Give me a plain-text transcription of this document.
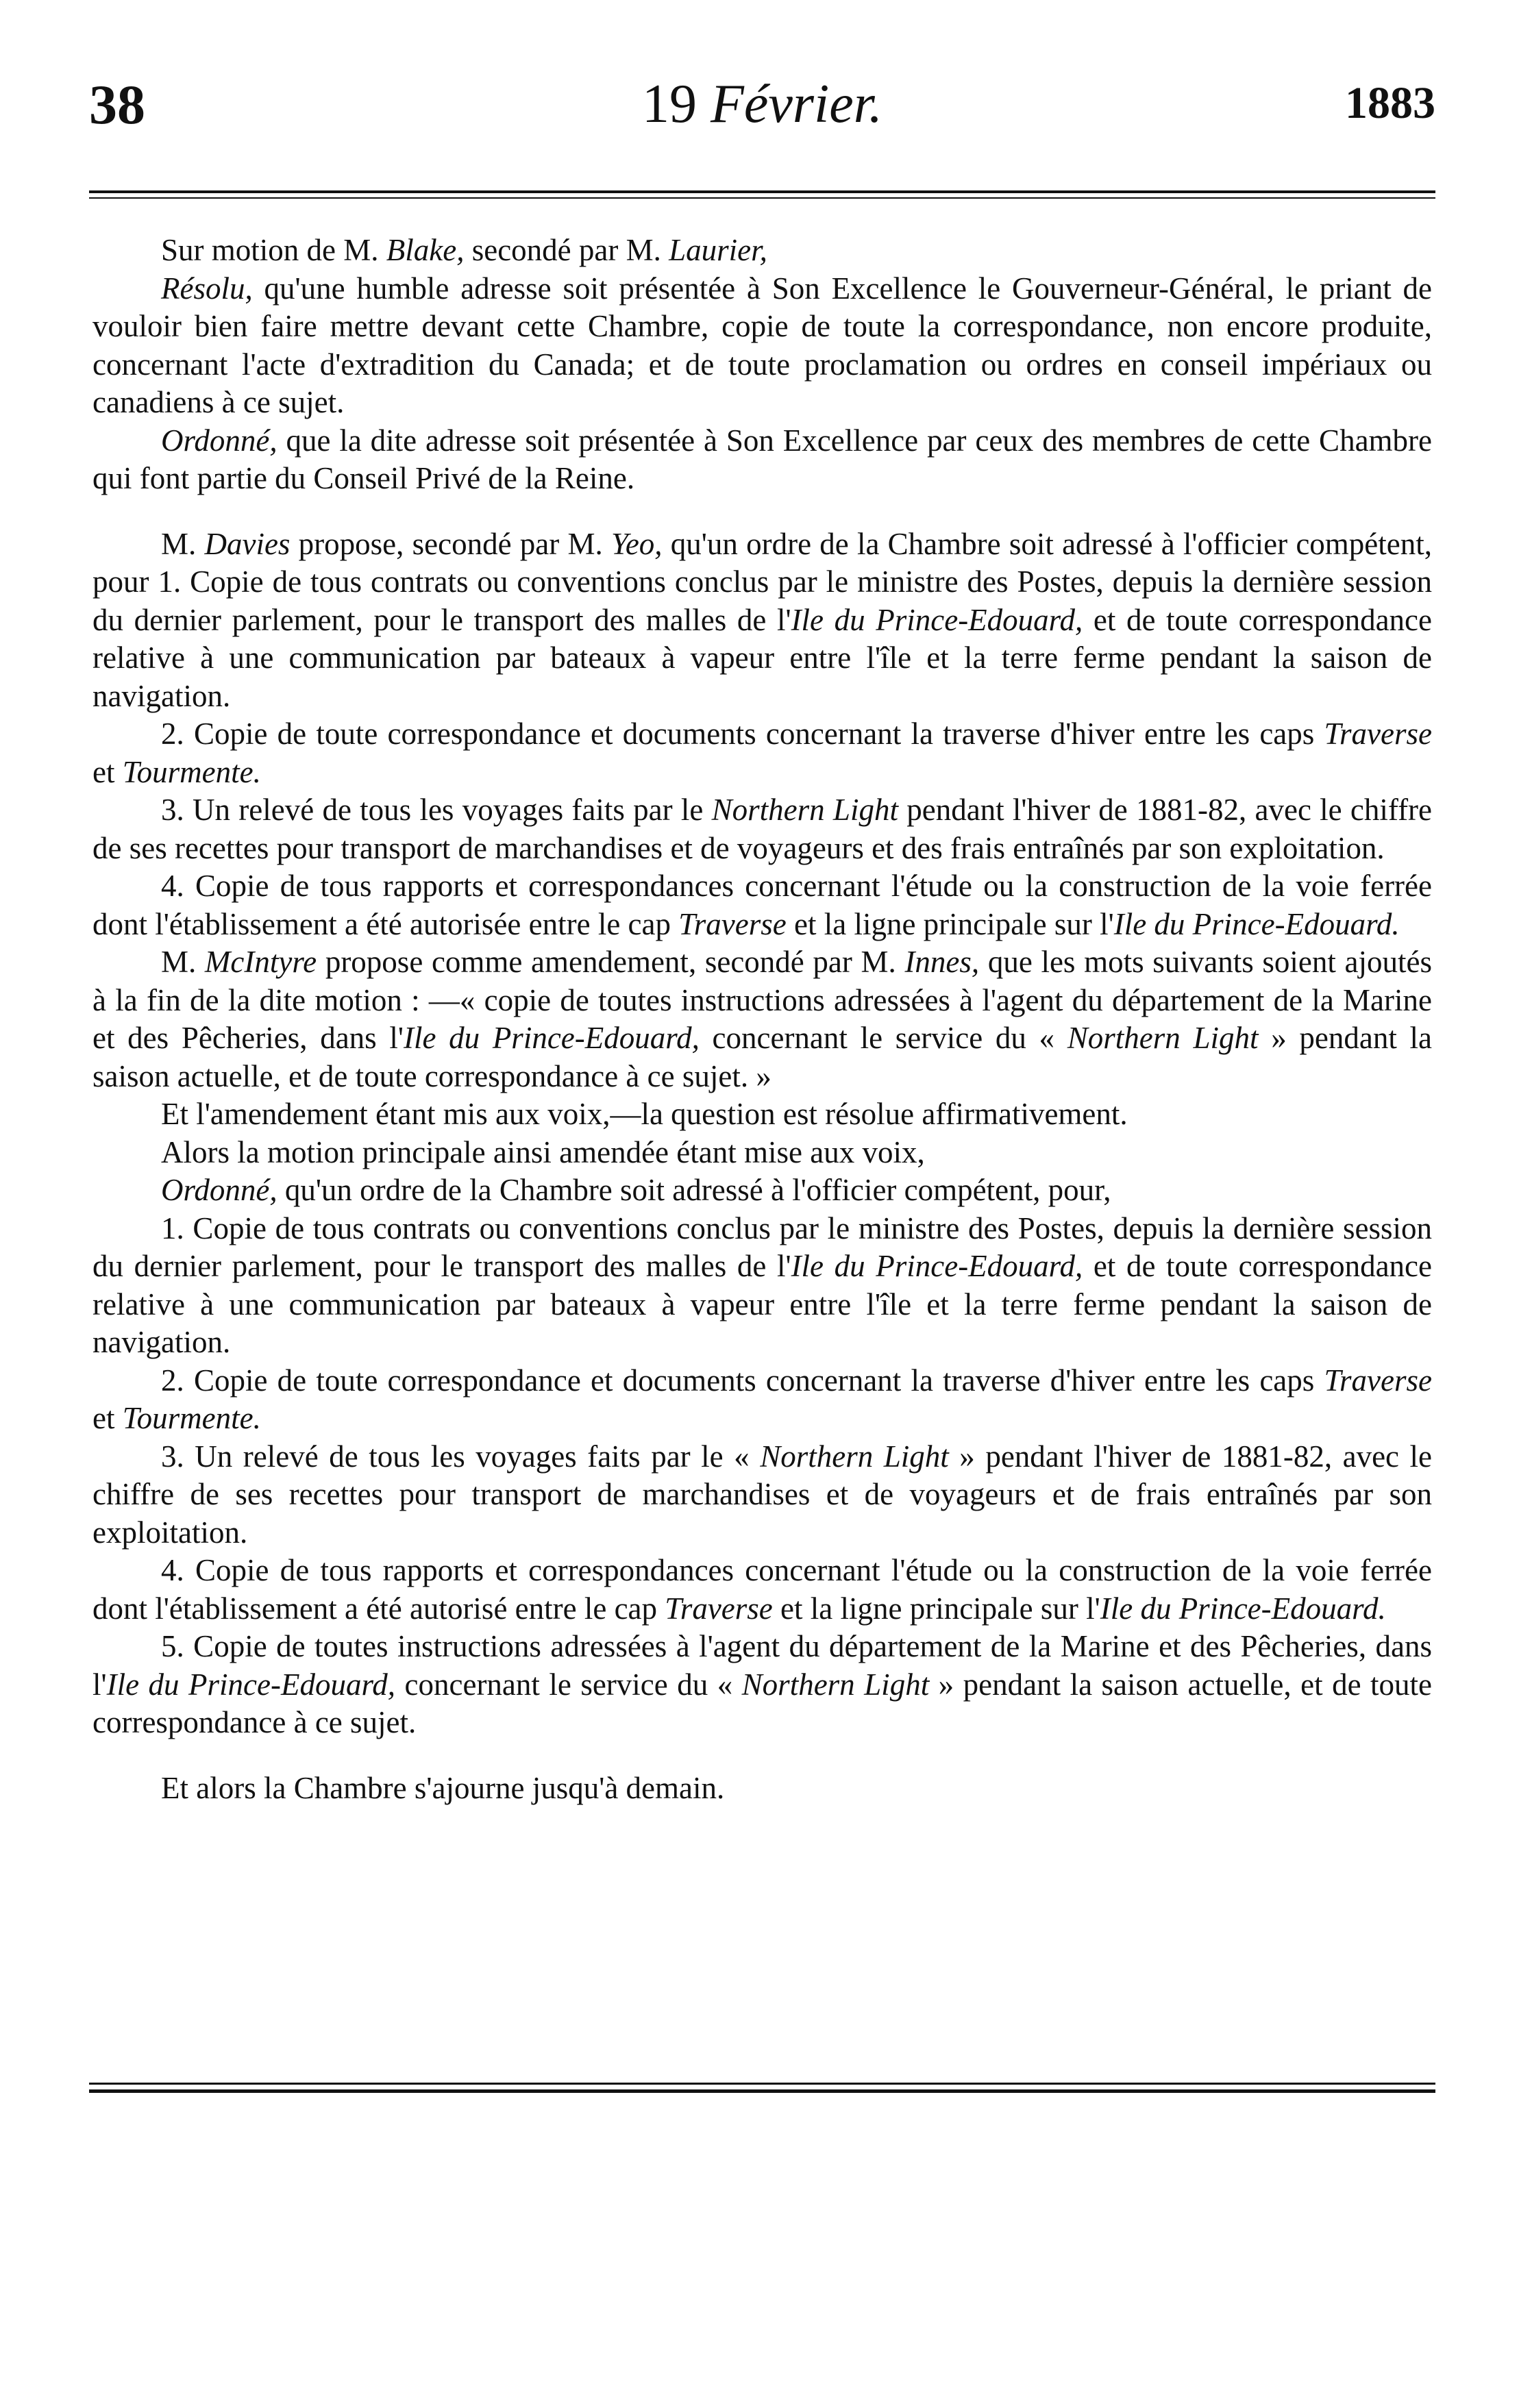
38	19 Février.	1883

Sur motion de M. Blake, secondé par M. Laurier,

Résolu, qu'une humble adresse soit présentée à Son Excellence le Gouverneur-Général, le priant de vouloir bien faire mettre devant cette Chambre, copie de toute la correspondance, non encore produite, concernant l'acte d'extradition du Canada; et de toute proclamation ou ordres en conseil impériaux ou canadiens à ce sujet.

Ordonné, que la dite adresse soit présentée à Son Excellence par ceux des membres de cette Chambre qui font partie du Conseil Privé de la Reine.

M. Davies propose, secondé par M. Yeo, qu'un ordre de la Chambre soit adressé à l'officier compétent, pour 1. Copie de tous contrats ou conventions conclus par le ministre des Postes, depuis la dernière session du dernier parlement, pour le transport des malles de l'Ile du Prince-Edouard, et de toute correspondance relative à une communication par bateaux à vapeur entre l'île et la terre ferme pendant la saison de navigation.

2. Copie de toute correspondance et documents concernant la traverse d'hiver entre les caps Traverse et Tourmente.

3. Un relevé de tous les voyages faits par le Northern Light pendant l'hiver de 1881-82, avec le chiffre de ses recettes pour transport de marchandises et de voyageurs et des frais entraînés par son exploitation.

4. Copie de tous rapports et correspondances concernant l'étude ou la construction de la voie ferrée dont l'établissement a été autorisée entre le cap Traverse et la ligne principale sur l'Ile du Prince-Edouard.

M. McIntyre propose comme amendement, secondé par M. Innes, que les mots suivants soient ajoutés à la fin de la dite motion : —« copie de toutes instructions adressées à l'agent du département de la Marine et des Pêcheries, dans l'Ile du Prince-Edouard, concernant le service du « Northern Light » pendant la saison actuelle, et de toute correspondance à ce sujet. »

Et l'amendement étant mis aux voix,—la question est résolue affirmativement.

Alors la motion principale ainsi amendée étant mise aux voix,

Ordonné, qu'un ordre de la Chambre soit adressé à l'officier compétent, pour,

1. Copie de tous contrats ou conventions conclus par le ministre des Postes, depuis la dernière session du dernier parlement, pour le transport des malles de l'Ile du Prince-Edouard, et de toute correspondance relative à une communication par bateaux à vapeur entre l'île et la terre ferme pendant la saison de navigation.

2. Copie de toute correspondance et documents concernant la traverse d'hiver entre les caps Traverse et Tourmente.

3. Un relevé de tous les voyages faits par le « Northern Light » pendant l'hiver de 1881-82, avec le chiffre de ses recettes pour transport de marchandises et de voyageurs et de frais entraînés par son exploitation.

4. Copie de tous rapports et correspondances concernant l'étude ou la construction de la voie ferrée dont l'établissement a été autorisé entre le cap Traverse et la ligne principale sur l'Ile du Prince-Edouard.

5. Copie de toutes instructions adressées à l'agent du département de la Marine et des Pêcheries, dans l'Ile du Prince-Edouard, concernant le service du « Northern Light » pendant la saison actuelle, et de toute correspondance à ce sujet.

Et alors la Chambre s'ajourne jusqu'à demain.
